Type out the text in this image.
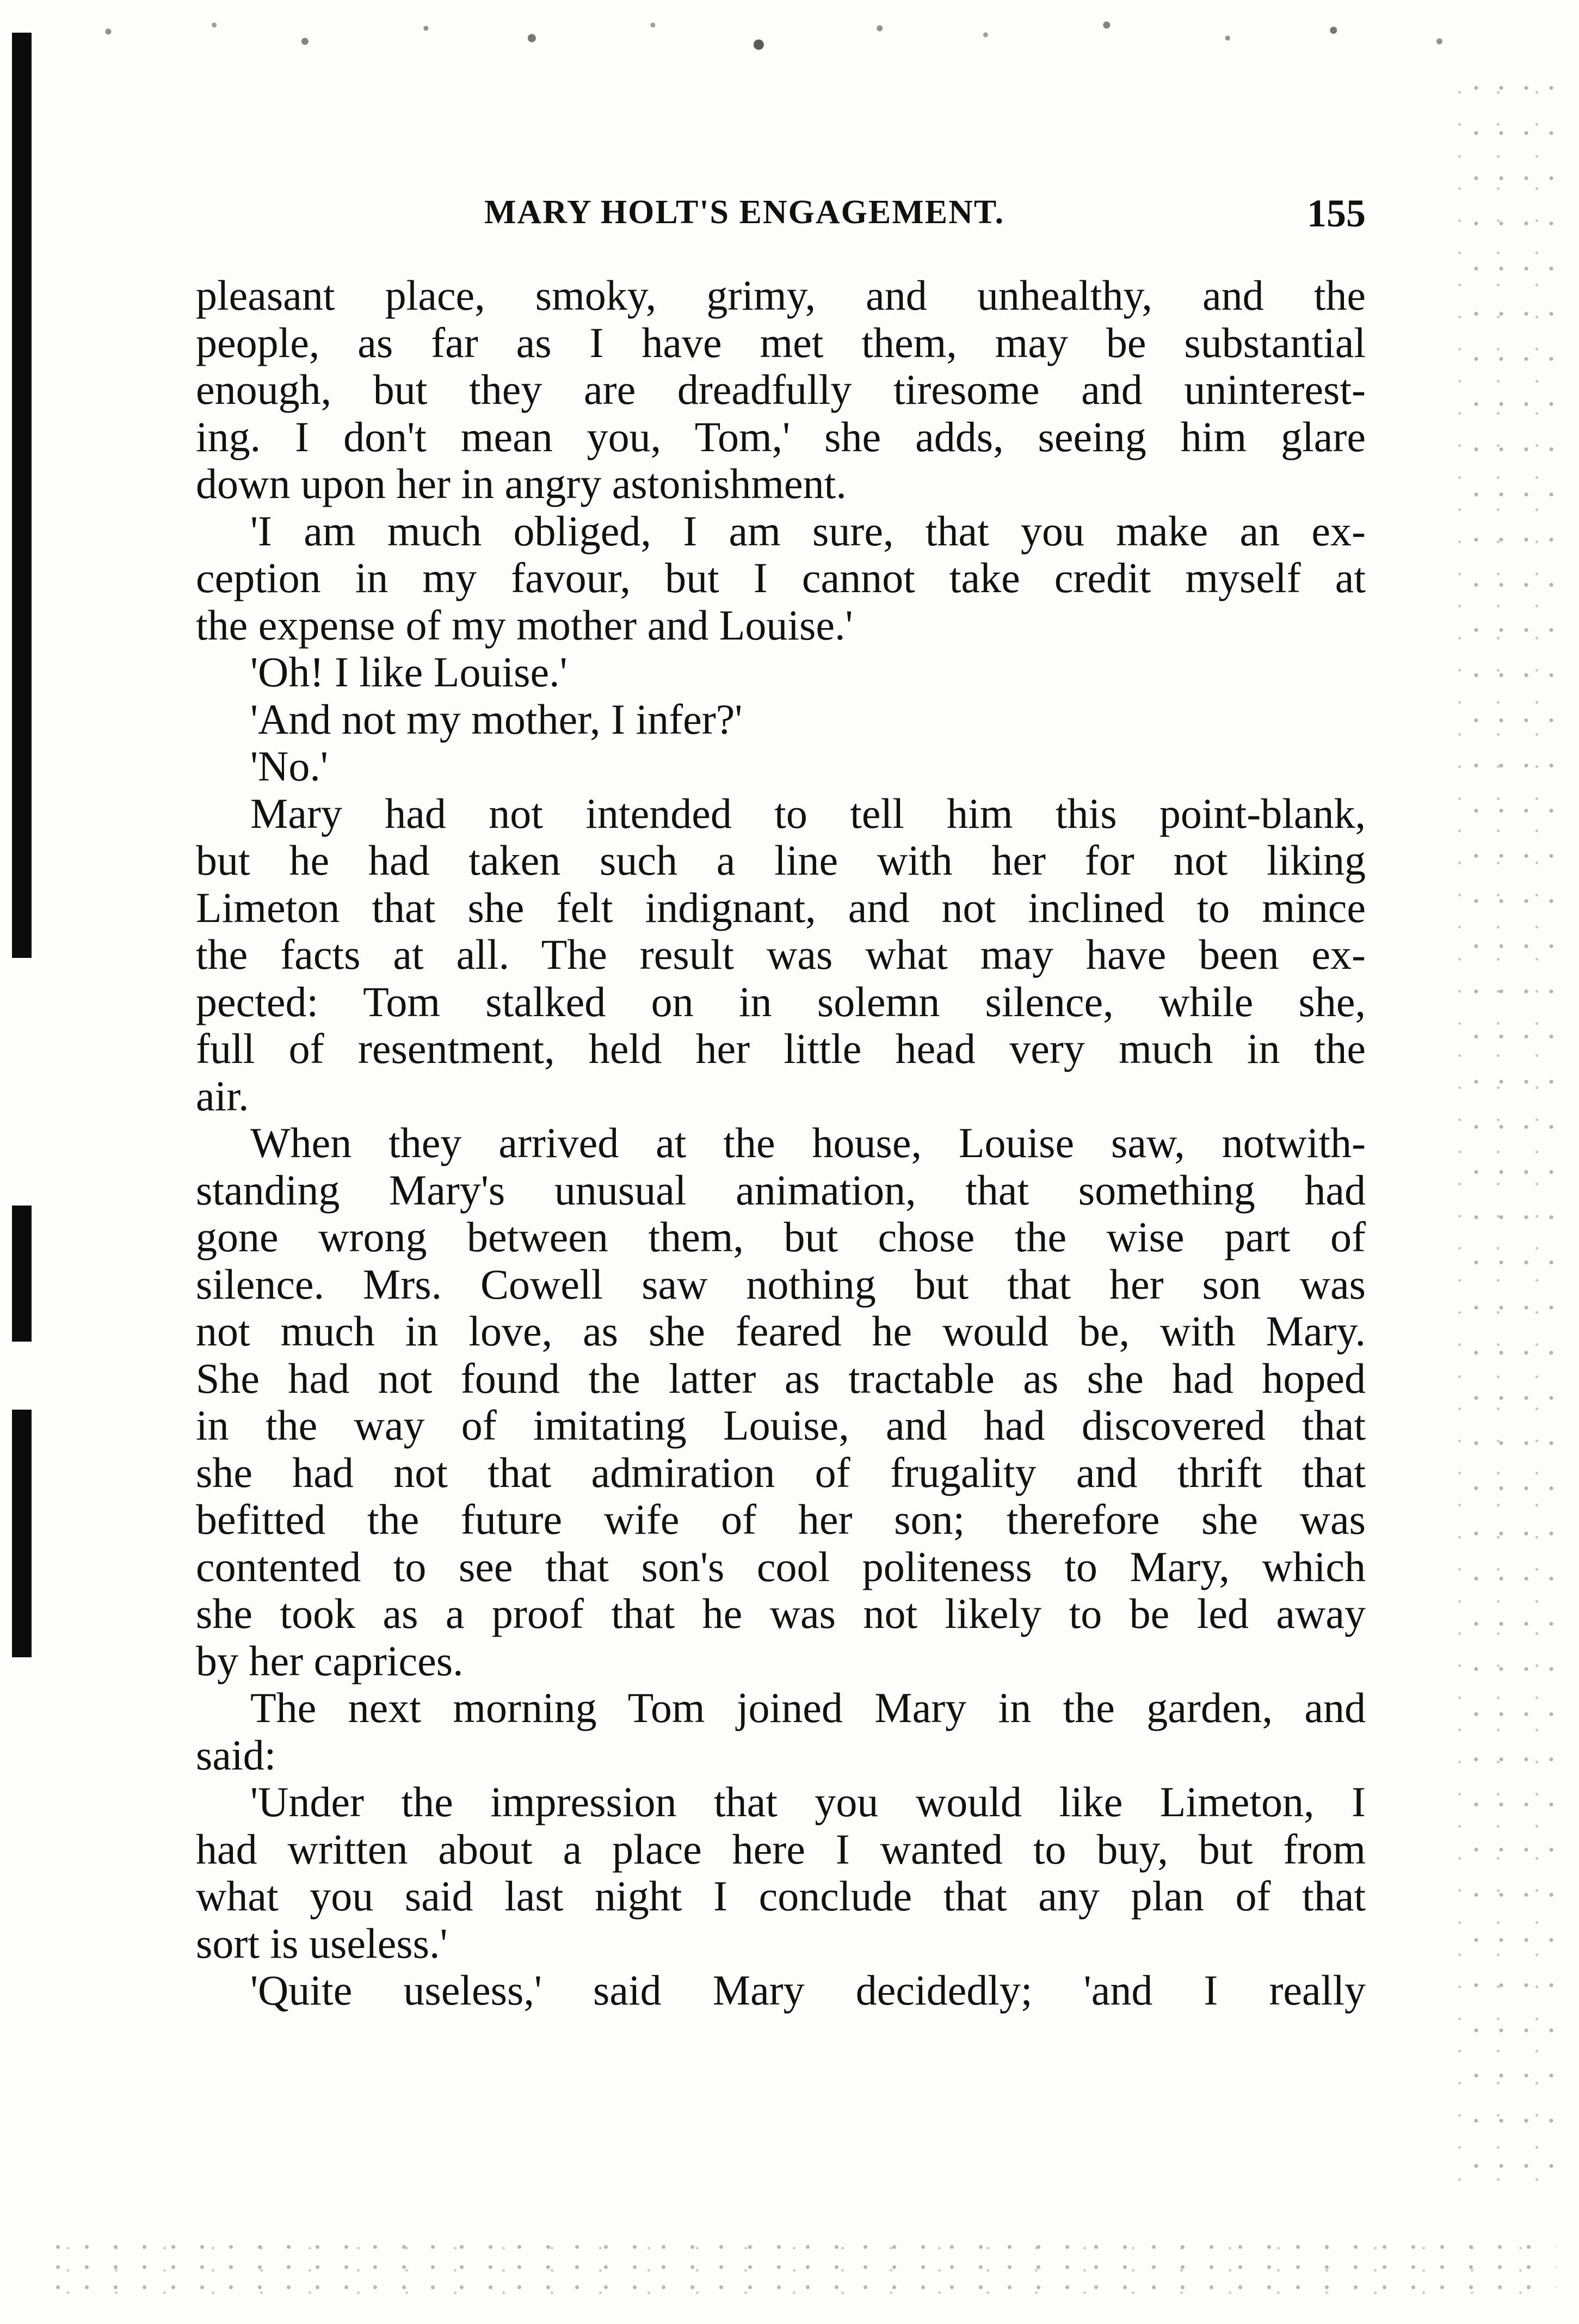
MARY HOLT'S ENGAGEMENT.	155
pleasant place, smoky, grimy, and unhealthy, and the
people, as far as I have met them, may be substantial
enough, but they are dreadfully tiresome and uninterest-
ing. I don't mean you, Tom,' she adds, seeing him glare
down upon her in angry astonishment.
'I am much obliged, I am sure, that you make an ex-
ception in my favour, but I cannot take credit myself at
the expense of my mother and Louise.'
'Oh! I like Louise.'
'And not my mother, I infer?'
'No.'
Mary had not intended to tell him this point-blank,
but he had taken such a line with her for not liking
Limeton that she felt indignant, and not inclined to mince
the facts at all. The result was what may have been ex-
pected: Tom stalked on in solemn silence, while she,
full of resentment, held her little head very much in the
air.
When they arrived at the house, Louise saw, notwith-
standing Mary's unusual animation, that something had
gone wrong between them, but chose the wise part of
silence. Mrs. Cowell saw nothing but that her son was
not much in love, as she feared he would be, with Mary.
She had not found the latter as tractable as she had hoped
in the way of imitating Louise, and had discovered that
she had not that admiration of frugality and thrift that
befitted the future wife of her son; therefore she was
contented to see that son's cool politeness to Mary, which
she took as a proof that he was not likely to be led away
by her caprices.
The next morning Tom joined Mary in the garden, and
said:
'Under the impression that you would like Limeton, I
had written about a place here I wanted to buy, but from
what you said last night I conclude that any plan of that
sort is useless.'
'Quite useless,' said Mary decidedly; 'and I really
